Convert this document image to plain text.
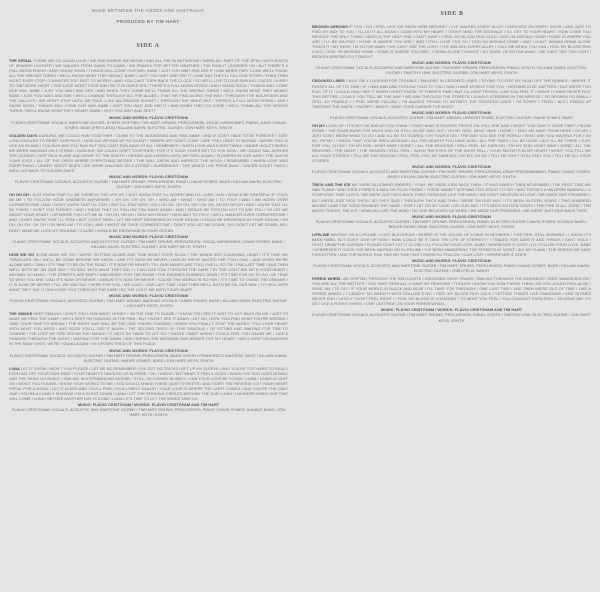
MADE BETWEEN THE ANDES AND AUSTRALIA
PRODUCED BY TIM HART
SIDE A
SIDE B
THE SPINAL THERE WE GO AGAIN LOVE / WE END WHERE WE BEGIN / AND ALL THE IN BETWEENS / WERE ALL PART OF THE SPIN / WITH BOOTS OF SPANISH LEATHER / WE WALKED FROM DAWN TO DAWN / WE PRAYED FOR BETTER WEATHER / THE RAIN IT LINGERED ON / BUT THERE'S A FULL MOON RISING / AND I KNOW SOON / THINGS WILL COME OUR WAY, BABE / JUST YOU WAIT AND SEE IT / AND WHEN THEY COME WE'LL THANK ALL THE WRONG TURNS / WE'LL KNOW WHAT THEY MEANT, BABE / JUST YOU WAIT AND SEE IT / ONE DAY THEY'LL FILL OUR STORY / THEN THEN WON'T EVER STOP / 3 MINUTES TOO FAST TO WORRY / AND YOU CAN'T TURN BACK THE CLOCK / SO WE'LL LIVE TO OUR SMILING / FACES, HURRY TO ONE MORE NIGHT / OUR LOVE WON'T EVER DIM / BE IT IN OUR EYES / THERE'S A FULL MOON RISING / AND I KNOW SOON / THINGS WILL COME OUR WAY, BABE / JUST YOU WAIT AND SEE / AND WHEN THEY COME WE'LL THANK ALL THE WRONG TURNS / WE'LL KNOW WHAT THEY MEANT, BABE / JUST YOU WAIT AND SEE / WE'LL CHANGE THROUGH ALL THE ALLIES / THAT WE FIND ALONG THE WAY / THROUGH THE MOUNTAINS AND THE VALLEYS / WE WON'T STOP UNTIL WE FADE / LIKE AN ORANGE SUNSET / THROUGH THE NIGHT SKY / THERE'S A FULL MOON RISING / AND I KNOW SOON / THINGS WILL COME OUR WAY, BABE / JUST YOU WAIT AND SEE IT / AND WHEN THEY DO COME / WE'LL THANK ALL THE WRONG TURNS / WE'LL KNOW WHAT THEY MEANT, BABE / JUST YOU WAIT AND SEE IT
MUSIC AND WORDS: FLÁVIO CRISTÓVAM
FLÁVIO CRISTÓVAM: VOCALS, BARITONE GUITAR, SYNTH, RHYTHM / TIM HART: DRUMS, PERCUSSION, VOCAL HARMONIES, PIANO, JUNO / DAVID SYMES: BASS (FRETLESS) / KILLIAN GAVIN: ELECTRIC GUITAR / JON HART: KEYS, SYNTH
GOLDEN DAYS DARLING, WE COULD RUN TOGETHER / CLIMB TO THE MOUNTAINS AND HIDE AWAY / AND IF DON'T HAVE TO BE FOREVER / JUST LONG ENOUGH TO RESET OUR PACE / HOW DID WE END UP SO SILENT / WHERE ART DON'T COME / ARE THEY USED TO BEHIND / MAYBE THIS IS LIKE AN ISLAND / YOU RUN AND YOU RUN BUT YOU CAN'T RUN AWAY AT ALL / REMEMBER / WHEN LOVE WAS EVERYTHING / UNDER VIOLET SKIES / WE WERE WALKING ON A STRING / DARLING, WE COULD DRIFT TOGETHER / FOR IT'S SOUR YEARS GET TO YOU NOW / WE COULD SAIL ACROSS THE OCEANS / HOP ON A PLANE AND DRIVE TO THE SOUTH / HIDDEN AND HIDDEN UNTIL WE FEEL AGAIN / FLOWERS IN OUR HAIR / THE SUN IN YOUR EYES / ALL OF THE OPEN WHERE EVERYTHING BEGINS / THE WILL GROW AND HARVEST THE MOON / REMEMBER / WHEN LOVE WAS EVERYTHING / UNDER VIOLET SKIES / WE WERE WALKING ON A STRING / SURRENDER / THE WINDS / MY PRIDE AWAY / UNDER VIOLET SKIES / WE'LL GO BACK TO GOLDEN DAYS
MUSIC AND WORDS: FLÁVIO CRISTÓVAM
FLÁVIO CRISTÓVAM: VOCALS, ACOUSTIC GUITAR / TIM HART: DRUMS, PERCUSSION, PIANO / DAVID SYMES: BASS / KILLIAN GAVIN: ELECTRIC GUITAR / JON HART: KEYS, SYNTH
OH OH OH I JUST KNOW THAT I'LL BE THERE IN THE LIFE MY / JUST KNOW THAT I'LL WORRY AND I'LL CARE / AND I WOULD BE GRATEFUL IF YOU'D BE ME / TO FOLLOW YOUR KINDNESS ANYWHERE / OH OH, OH OH, OH / WHO AM I WHAT / WHO AM I TO YOU? / AND I AM WORN OVER CORNERSTONE / AND I DON'T KNOW THAT I'LL STAY / BUT I'LL STAY WITH YOU / OH OH, OH OH, OH / OH OH, OH OH OH OH / AND I KNOW THAT I'LL BE THERE / DON'T YOU FORGET / AND I KNOW THAT I'LL FOLLOW YOU BACK AGAIN / AND I WOULD BE FOOLISH NOT TO ASK YOU / TO LET ME INSIDE YOUR HEART / OR MAYBE YOU LET ME IN / OH OH, OH OH / WHO AM I NOW? / WHO AM I TO YOU? / WE'LL WANDER OVER CORNERSTONE / AND I DON'T KNOW THAT I'LL STAY / BUT I DON'T MIND / LET ME KEEP DROWNING IN YOUR OCEAN / COULD BE DROWNING IN YOUR OCEAN / OH OH, OH OH, OH OH / OH WHO AM I TO YOU / AND I WON'T BE OVER CORNERSTONE / DON'T YOU LET ME DOWN, OH / DON'T LET ME DOWN, NO / DON'T MAKE ME LOSE MY GROUND / 'CAUSE I WOULD BE DROWNING IN YOUR OCEAN
MUSIC AND WORDS: FLÁVIO CRISTÓVAM
FLÁVIO CRISTÓVAM: VOCALS, ACOUSTIC AND ELECTRIC GUITAR / TIM HART: DRUMS, PERCUSSION, VOCAL HARMONIES / DAVID SYMES: BASS / KILLIAN GAVIN: ELECTRIC GUITAR / JON HART: KEYS, SYNTH
HOW WE GO SLOW AWAY WE GO / WE'RE GETTING OLDER AND TIME WON'T EVER SLOW / THE WINDS ARE CHANGING, DEAR / IT'S TIME WE TRAVELLED ON / WE'LL BE GONE BEFORE WE KNOW / AND IT'S NOW OR NEVER / DARLIN' WE'VE WAITED FAR TOO LONG / AND WHEN WE'RE ALONE WE'LL SING / IT'S TIME TO BE ON THE ROAD / IT'S NOW OR NEVER / TILL OUR NAMES ARE TOLD / WE'LL GO ON / ONE LAST TIME / AND THEN WE'LL BOTH BE ON OUR WAY / TO HELL WITH WHAT THEY SAY / I CAN LEAD YOU THROUGH THE DARK / BY THE LIGHT WE WITH YOUR HEART / ANYWAY, SO MANY / THE STREETS ARE EMPTY AND READY FOR THE SHOW / THE ENGINE'S RUNNING, DEAR / IT'S TIME FOR US TO GO / BE TRUE TO WHO YOU ARE / AND IT'S NOW OR NEVER / DARLIN' IT'S NOW OR NEVER / 'CAUSE THE WORLD IS SO FAR / IT'S TIME TO CHASE THE DREAMS / IT IS NOW OR NEVER / TILL WE WAITING / HERE FOR YOU / WE LOVE / ONE LAST TIME / AND THEN WE'LL BOTH BE ON OUR WAY / TO HELL WITH WHAT THEY SAY / I CAN GUIDE YOU THROUGH THE DARK / BY THE LIGHT WE WITH YOUR HEART
MUSIC AND WORDS: FLÁVIO CRISTÓVAM
FLÁVIO CRISTÓVAM: VOCALS, ACOUSTIC GUITAR / TIM HART: DRUMS, BACKING VOCALS / DAVID SYMES: BASS / KILLIAN GAVIN: ELECTRIC GUITAR / JON HART: KEYS, SYNTH
THE SMOKE KEEP SMILING / DON'T YOU LOOK BACK, HONEY / I'M THE ONE TO BLAME / I KNOW YOU SEE IT JUST TO GET BACK ON ME / JUST TO MAKE ME FEEL THE SAME / WE'LL KEEP ON DANCING IN THE PAIN / BUT I WON'T SEE IT AGAIN / LET GO, UNTIL YOU FIND WHAT YOU'RE MISSING / TAKE YOUR TIME TO DREAM / THE RIGHT WAY WILL BE THE ONE YOU'RE CHASING / WHEN YOU FINALLY STOP THE BLEED / FILL YOUR HEART WITH WHAT YOU NEED / AND SOON YOU'LL SEE IT AGAIN / THE SECOND TIRED OF THIS SHUCKLE / OF SITTING AND WAITING FOR TIDE TO CHANGE / I'VE LOST MY FIRE WITHIN THE SMOKE / IT GETS SO HARD TO LET GO / SMOKE / BABY WHEN I COULD FEEL YOU HAUNT ME / LIKE A SHADOW THROUGH THE NIGHT / WAITING FOR THE DAWN / AND HOPING THE MORNING SUN BRINGS OUT MY HEART / WE'LL KEEP ON DANCING IN THE RAIN / UNTIL WE'RE YOUNG AGAIN / I'M GROWN TIRED OF THIS PLACE
MUSIC AND WORDS: FLÁVIO CRISTÓVAM
FLÁVIO CRISTÓVAM: VOCALS, ACOUSTIC GUITAR / TIM HART: DRUMS, PERCUSSION, BASS, SYNTH / FRANCESCO SANTESE: BASS / KILLIAN GAVIN: ELECTRIC GUITAR / ANDRÉ GOMES: BASS / JON HART: KEYS, SYNTH
LUNA LET IT GROW / WON'T YOU PLEASE / LET ME BE REMEMBER / I'VE GOT NO TRICKS LEFT UP MY SLEEVE / AND YOU'RE TOO HARD TO READ / FIGHTING OFF YOUR OWN MIND / YOUR HEART'S TANGLED UP IN PRIDE / OH, I KNOW / BUT WHAT IT FEELS GOOD / WHEN THE SUN GOES DOWN / AND THE SKIES GO BLACK / SMILING IN A STRANGLING MOUND / STILL, I'M COMING BLINDLY / CAN YOUR LOVE BE FOUND / LUNA / LEAVE A LIGHT ON / WON'T YOU PLEASE / SHOW YOUR WORLD TO ME / YOU COULD SHAKE THESE QUIET STREETS / AND START THE REVERIE / LET YOUR HEART SPEAK FOR A WHILE / LET IT BLEED AND YOU'LL FIND / I'M A LONELY SAILOR / YOUR LOVE IS WHERE THE LIGHT COMES / AND YOU'RE THE ONLY ONE / YOU'RE A LONELY SHADOW / I'M A SCENT DOWN / LUNA / LET THE SPINNING CIRCLES AROUND THE SUN / LUNA / I WONDER WHEN OUR TIME WILL COME / LUNA / BEFORE ANOTHER DAY IS DONE / LUNA / IT'S TIME TO LET THE WINDS TAKE US
MUSIC: FLÁVIO CRISTÓVAM / WORDS: FLÁVIO CRISTÓVAM AND TIM HART
FLÁVIO CRISTÓVAM: VOCALS, ACOUSTIC AND BARITONE GUITAR / TIM HART: DRUMS, PERCUSSION, PIANO / DAVID SYMES: DOUBLE BASS / JON HART: KEYS, SYNTH
BROKEN ARROWS IF YOU / DO I FEEL LIKE I'VE BEEN HERE BEFORE? / I'VE WALKED EVERY ALLEY / KNOCKED ON EVERY DOOR / AND JUST TO FIND MY WAY TO YOU / I'LL DO IT ALL AGAIN / COME INTO MY HEART / I DON'T MIND THE DISTANCE / I'LL GET TO YOUR HEART / HOW COME YOU RECEIVE THE ONLY THING I NEED IS THE ONLY ONE I CAN'T HAVE / I FEEL MY BLOOD RUN COLD / GOD I'M MISSING HOME / HOME IS WHERE YOU ARE / I'LL BE WAITING / HOME IS WHERE YOU ARE / AND I STILL LOVE YOU SO / GOD I'M MISSING HOME / AND I DON'T WANNA DRINK ALONE TONIGHT / MY DEAR, I'M SO FAR AWAY / WE CAN'T SEE THE LIGHT / I'VE WALKED EVERY ALLEY / CALL ME WHEN YOU CAN / FEEL MY BLOOD RUN COLD / GOD, I'M MISSING HOME / HOME IS WHERE YOU ARE / I DRINK ALONE TONIGHT / MY DEAR, I'M SO FAR AWAY / WE CAN'T SEE THE LIGHT / BROKEN ARROWS FLY TONIGHT
MUSIC AND WORDS: FLÁVIO CRISTÓVAM
FLÁVIO CRISTÓVAM: VOCALS, ACOUSTIC AND BARITONE GUITAR / TIM HART: DRUMS, PERCUSSION, PIANO, SYNTH / KILLIAN GAVIN: ELECTRIC GUITAR / TIMOTHY LINK: ELECTRIC GUITAR / JON HART: KEYS, SYNTH
CROOKED LINES I WAS ONLY LOOKING FOR TROUBLE / WALKING IN CROOKED LINES / TRYING TO KEEP MY HEAD OFF THE RUBBLE / WHERE IT PASSES ALL OF ITS TIME / IF I WAS BAD AND FOOLISH TOLD TO YOU / AND I HAVE MYSELF FOR YOU / NOTHING ELSE MATTERS / BUT WE'RE TOO FULL OF IT / COULD ONLY SEE IT WHEN I DON'T KNOW / IF THERE'S TIME / BUT I'LL KEEP TRYING / CAN YOU FEEL IT / MIGHT / I HAVE NEVER FELT THIS BEFORE / COULD YOU TELL ME THE WAY / WE RAN THROUGH THE STREETS / ALWAYS STEERING IN THE BREEZE / SO BROKEN SO SMALL / STILL SO FRAGILE / I FEEL WE'RE FALLING / I'M ALWAYS TRYING TO UNTWIST THE CROOKED LINES / I'M SORRY I TRIED / BUT I ENDED UP TWISTING THE KNIFE / I WORRY / MIGHT / HAVE GONE DARKER THE NIGHT
MUSIC AND WORDS: FLÁVIO CRISTÓVAM
FLÁVIO CRISTÓVAM: VOCALS, ACOUSTIC GUITAR / TIM HART: DRUMS, UPRIGHT PIANO, ELECTRIC GUITAR / DAVID SYMES: BASS
OH MY LOOK UP / IT'S NOT AS BAD AS YOU THINK / YOUR HEAD IS PLAYING TRICKS ON YOU, SHE SAID / WON'T YOU GIVE IT SOME TIME? / SLOW DOWN / THE ROAD RUNS FOR MILES AND I'M STILL ON MY WAY OUT / OH MY GOD, WHAT HAVE I DONE? / TAKE ME AWAY FROM HERE / OH MY, I JUST DON'T KNOW WHAT TO DO / AND I'LL BE SO SCARED / OH YOUR EYES / THE WAY YOU SEE THE WORLD / WHAT ARE YOU WAITING FOR / OH MY, OH MY / I KNOW THAT YOU'VE BEEN AROUND / ALL THE HEARTS YOU HAVE WON / ALL THE TIMES / I'LL BE GONE / BUT I'LL BE THERE / JUST FOR YOU, OH MY / OH MY GOD, WHAT HAVE I DONE? / ALL THE REASONS I STILL FEEL, MY DARLING / OH MY GOD, WHAT HAVE I DONE / ALL THE REASONS / THE NIGHT / THE REASON I STILL FEEL / WHEN THE EYES OF THE NIGHT FALL / YOUR SECRETS IN MY HEART / WON'T YOU TELL ME ALL YOUR STORIES / TELL ME THE REASON I STILL FEEL YOU, MY DARLING / OH MY, OH MY / TELL ME WHY I STILL FEEL YOU / TELL ME ALL YOUR STORIES
MUSIC AND WORDS: FLÁVIO CRISTÓVAM
FLÁVIO CRISTÓVAM: VOCALS, ACOUSTIC AND BARITONE GUITAR / TIM HART: DRUMS, PERCUSSION, DRUM PROGRAMMING, PIANO / DAVID SYMES: BASS / KILLIAN GAVIN: ELECTRIC GUITAR / JON HART: KEYS, SYNTH
TRICK AND THE ICE WE WERE BLOOMING EMBERS / YEAH, WE WERE KIDS BACK THEN / IT WAS MARCH THEN NOVEMBER / THE FIRST TIME WE HAD PLANS / AND THEN THERE'S A MAN ON YOUR PHONE / THERE WASN'T NOTHING TOO GREAT TO SAY / AND THERE'S A WILDFIRE BURNING / A SYMPHONY THAT LASTS / WE WERE JUST KIDS BACK THEN / HOWLING LIKE THE WIND / WE DON'T BELIEVED IN LOVE / WE MADE OUR PROMISES / BUT WE'RE JUST KIDS THEN / SO THEY SAID / THROUGH THICK AND THIN / WE'RE ON OUR WAY / IT'S BEEN SIXTEEN YEARS / TWO HUNDRED MOONS / AND THE SONG REMAINS THE SAME / DON'T LET GO MY LOVE / ON OUR WAY / IT'S BEEN SIXTEEN YEARS / THE FIRE IS ALL GONE / THE MAGIC TRICKS, THE ICE / HOWLING LIKE THE WIND / NO ONE BELIEVED US WHEN / WE MADE OUR PROMISES / WE WERE JUST KIDS BACK THEN
MUSIC AND WORDS: FLÁVIO CRISTÓVAM
FLÁVIO CRISTÓVAM: VOCALS, ACOUSTIC GUITAR / TIM HART: DRUMS, PERCUSSION, PIANO, ELECTRIC GUITAR / DAVID SYMES: DOUBLE BASS / BRUCE PAYNE-TANK: ELECTRIC GUITAR / JON HART: KEYS, SYNTH
LIFELINE WAITING ON A LIFELINE / LOST IN A DREAM / WHERE IS THE SOUND OF A RAIN IN BETWEEN / THIS FIRE, STILL BURNING / I KNOW IT'S BEEN HARD, BUT DON'T GIVE UP NOW / HOW COULD BE IT TAKE THE LIFE OF ETERNITY? / TRADED FOR SAFETY AND THINGS I CAN'T HOLD / DON'T DRAW THE CURTAIN / PLEASE DON'T LET IT CLOSE / I'LL FOLLOW YOUR LOVE, BABE / WHEREVER IT GOES / I'LL FOLLOW YOUR LOVE, BABE / WHEREVER IT GOES / I'VE BEEN WAITING ON A LIFELINE / I'VE BEEN WANDERING THE STREETS AT NIGHT / ALL MY PLANS / THE WORDS WE HAVE FORGOTTEN / AND THE WORLD THAT HAS NO TIME / BUT I KNOW I'LL FOLLOW YOUR LOVE / WHEREVER IT GOES
MUSIC AND WORDS: FLÁVIO CRISTÓVAM
FLÁVIO CRISTÓVAM: VOCALS, ACOUSTIC AND BARITONE GUITAR / TIM HART: DRUMS, PERCUSSION, PIANO / DAVID SYMES: BASS / KILLIAN GAVIN: ELECTRIC GUITAR / JOÃO FÉLIX: BANJO
FERRIS WHEEL WE DRIFTED THROUGH THE RED LIGHTS / CROSSING OVER TRAINS / SMILING THROUGH THE DARKNESS / WE'D WANDERED ON / YOU ARE ALL THE BATTLES / YOU TAKE THEM ALL / I HAVE MY REASONS / THOUGH I KNOW YOU DON'T NEED THEM / SO YOU COULD FEEL ALIVE / WHAT AM I TO DO / IF YOUR WORLD IS BLACK AND BLUE / I'LL TAKE YOU THROUGH / ONE LAST TIME / AND THEN WE'RE OUT OF TIME / LIKE A FERRIS WHEEL / I CAUGHT MY BREATH WITH HOLLOW EYES / FEEL MY BLOOD RUN COLD / LETTING THINGS LIKE DIAMONDS / AND STONES NEVER END / LATELY I DON'T FEEL RIGHT / I FEEL MY BLOOD IS CHANGING / TO WHAT YOU FEEL / YOU COULDN'T EVEN FEEL / SO WHAT AM I TO DO / LIKE A FERRIS WHEEL / ONE LAST RIDE ON YOUR FERRIS WHEEL
MUSIC: FLÁVIO CRISTÓVAM / WORDS: FLÁVIO CRISTÓVAM AND TIM HART
FLÁVIO CRISTÓVAM: VOCALS, ACOUSTIC GUITAR / TIM HART: DRUMS, PERCUSSION, PIANO, SYNTH / TIMOTHY LINK: ELECTRIC GUITAR / JON HART: KEYS, SYNTH
